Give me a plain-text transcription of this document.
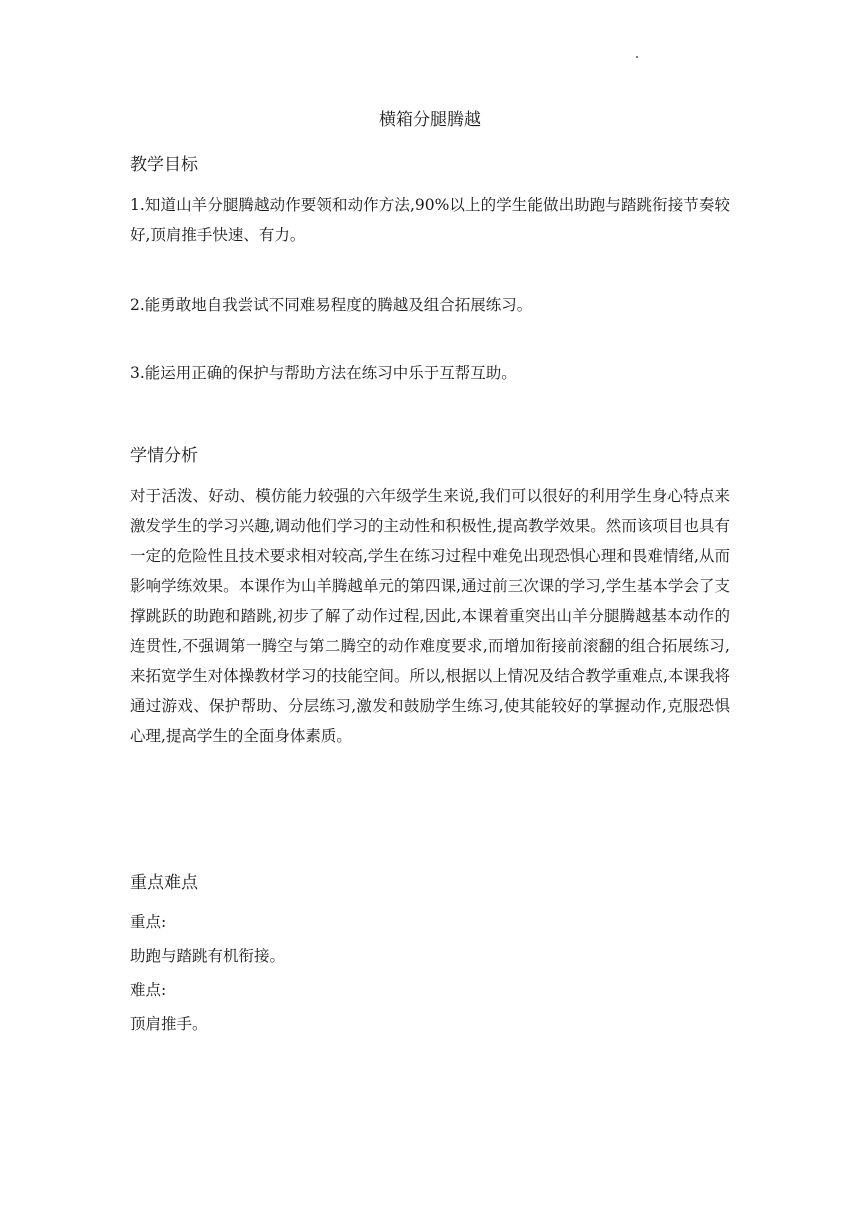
横箱分腿腾越
教学目标
1.知道山羊分腿腾越动作要领和动作方法,90%以上的学生能做出助跑与踏跳衔接节奏较好,顶肩推手快速、有力。
2.能勇敢地自我尝试不同难易程度的腾越及组合拓展练习。
3.能运用正确的保护与帮助方法在练习中乐于互帮互助。
学情分析
对于活泼、好动、模仿能力较强的六年级学生来说,我们可以很好的利用学生身心特点来激发学生的学习兴趣,调动他们学习的主动性和积极性,提高教学效果。然而该项目也具有一定的危险性且技术要求相对较高,学生在练习过程中难免出现恐惧心理和畏难情绪,从而影响学练效果。本课作为山羊腾越单元的第四课,通过前三次课的学习,学生基本学会了支撑跳跃的助跑和踏跳,初步了解了动作过程,因此,本课着重突出山羊分腿腾越基本动作的连贯性,不强调第一腾空与第二腾空的动作难度要求,而增加衔接前滚翻的组合拓展练习,来拓宽学生对体操教材学习的技能空间。所以,根据以上情况及结合教学重难点,本课我将通过游戏、保护帮助、分层练习,激发和鼓励学生练习,使其能较好的掌握动作,克服恐惧心理,提高学生的全面身体素质。
重点难点
重点:
助跑与踏跳有机衔接。
难点:
顶肩推手。
